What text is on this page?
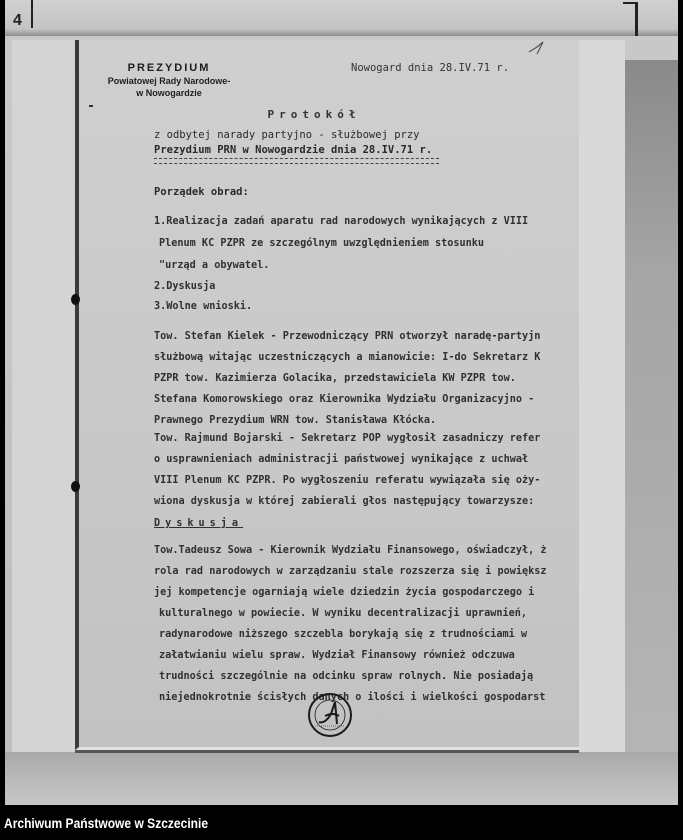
4
PREZYDIUM
Powiatowej Rady Narodowe-
w Nowogardzie
Nowogard dnia 28.IV.71 r.
Protokół
z odbytej narady partyjno - służbowej przy
Prezydium PRN w Nowogardzie dnia 28.IV.71 r.
Porządek obrad:
1.Realizacja zadań aparatu rad narodowych wynikających z VIII
Plenum KC PZPR ze szczególnym uwzględnieniem stosunku
"urząd a obywatel.
2.Dyskusja
3.Wolne wnioski.
Tow. Stefan Kielek - Przewodniczący PRN otworzył naradę-partyjn
służbową witając uczestniczących a mianowicie: I-do Sekretarz K
PZPR tow. Kazimierza Golacika, przedstawiciela KW PZPR tow.
Stefana Komorowskiego oraz Kierownika Wydziału Organizacyjno -
Prawnego Prezydium WRN tow. Stanisława Kłócka.
Tow. Rajmund Bojarski - Sekretarz POP wygłosił zasadniczy refer
o usprawnieniach administracji państwowej wynikające z uchwał
VIII Plenum KC PZPR. Po wygłoszeniu referatu wywiązała się oży-
wiona dyskusja w której zabierali głos następujący towarzysze:
Dyskusja
Tow.Tadeusz Sowa - Kierownik Wydziału Finansowego, oświadczył, ż
rola rad narodowych w zarządzaniu stale rozszerza się i powiększ
jej kompetencje ogarniają wiele dziedzin życia gospodarczego i
kulturalnego w powiecie. W wyniku decentralizacji uprawnień,
radynarodowe niższego szczebla borykają się z trudnościami w
załatwianiu wielu spraw. Wydział Finansowy również odczuwa
trudności szczególnie na odcinku spraw rolnych. Nie posiadają
niejednokrotnie ścisłych danych o ilości i wielkości gospodarst
Archiwum Państwowe w Szczecinie
